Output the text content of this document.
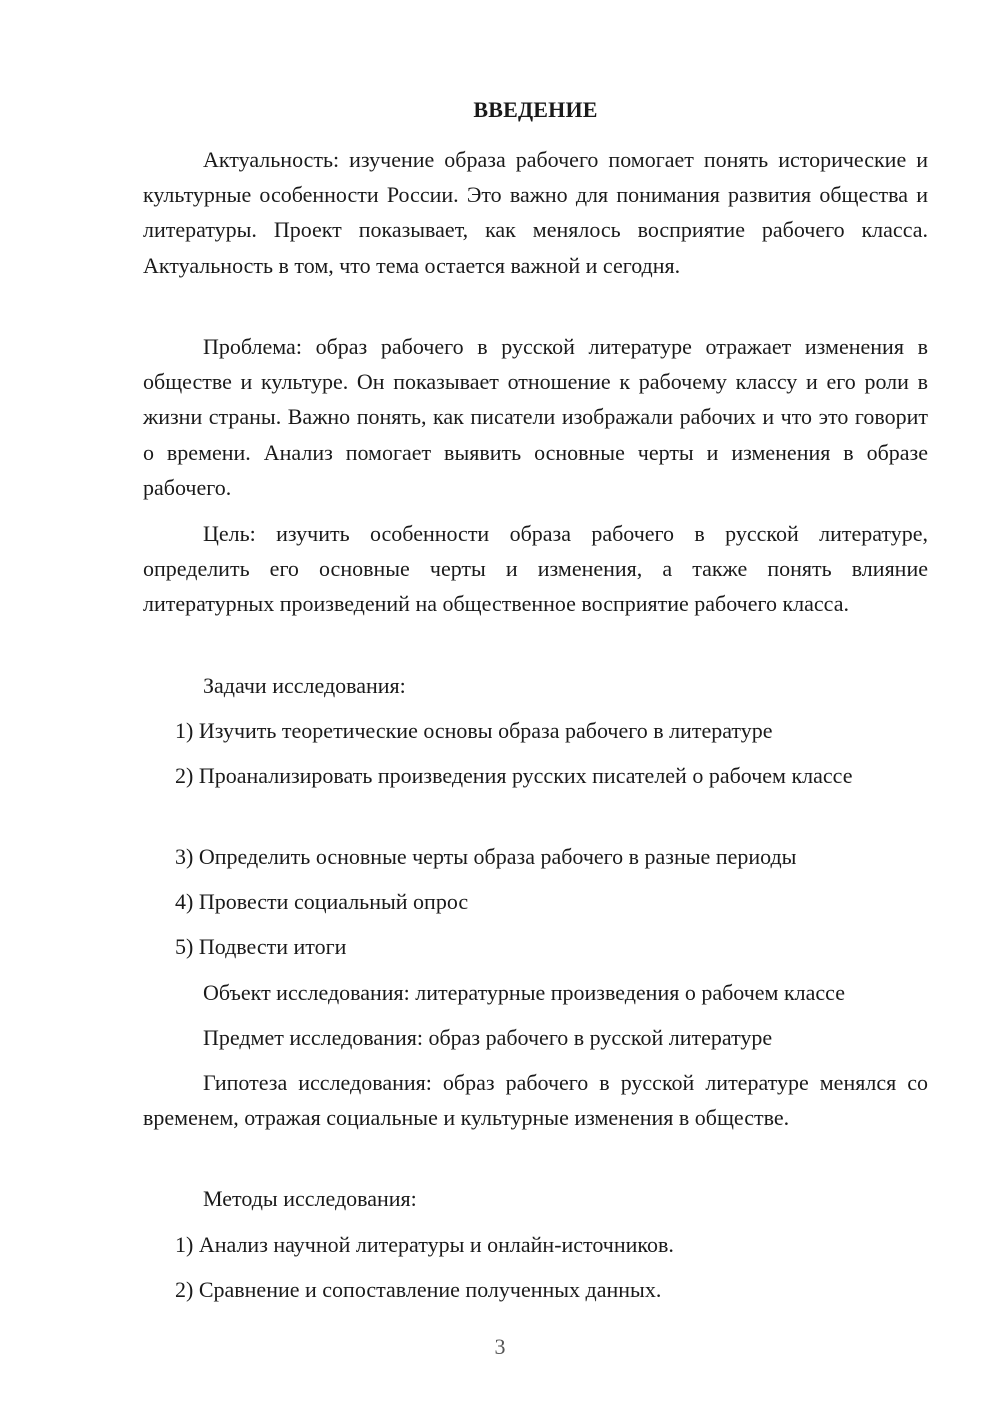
ВВЕДЕНИЕ

Актуальность: изучение образа рабочего помогает понять исторические и культурные особенности России. Это важно для понимания развития общества и литературы. Проект показывает, как менялось восприятие рабочего класса. Актуальность в том, что тема остается важной и сегодня.

Проблема: образ рабочего в русской литературе отражает изменения в обществе и культуре. Он показывает отношение к рабочему классу и его роли в жизни страны. Важно понять, как писатели изображали рабочих и что это говорит о времени. Анализ помогает выявить основные черты и изменения в образе рабочего.

Цель: изучить особенности образа рабочего в русской литературе, определить его основные черты и изменения, а также понять влияние литературных произведений на общественное восприятие рабочего класса.

Задачи исследования:

1) Изучить теоретические основы образа рабочего в литературе

2) Проанализировать произведения русских писателей о рабочем классе

3) Определить основные черты образа рабочего в разные периоды

4) Провести социальный опрос

5) Подвести итоги

Объект исследования: литературные произведения о рабочем классе

Предмет исследования: образ рабочего в русской литературе

Гипотеза исследования: образ рабочего в русской литературе менялся со временем, отражая социальные и культурные изменения в обществе.

Методы исследования:

1) Анализ научной литературы и онлайн-источников.

2) Сравнение и сопоставление полученных данных.

3
